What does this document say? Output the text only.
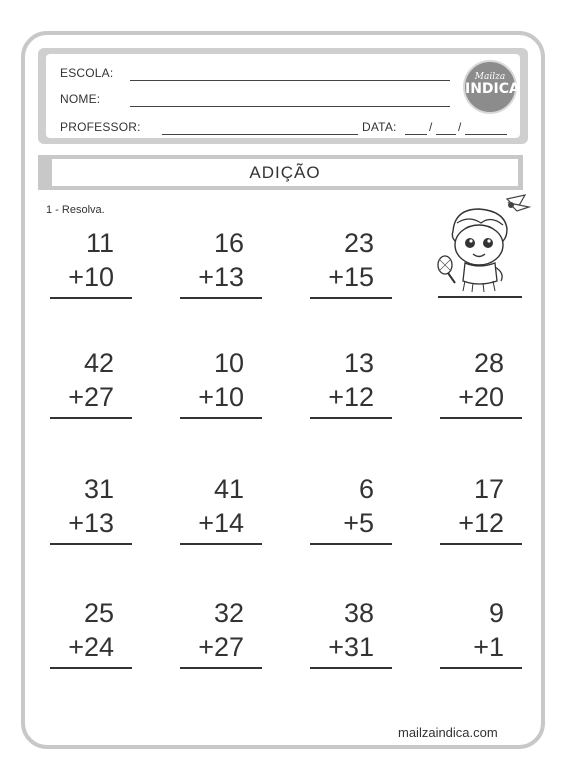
ESCOLA:
NOME:
PROFESSOR:	DATA:	/ /
Mailza
INDICA
ADIÇÃO
1 - Resolva.
11
+10
16
+13
23
+15
42
+27
10
+10
13
+12
28
+20
31
+13
41
+14
6
+5
17
+12
25
+24
32
+27
38
+31
9
+1
mailzaindica.com
